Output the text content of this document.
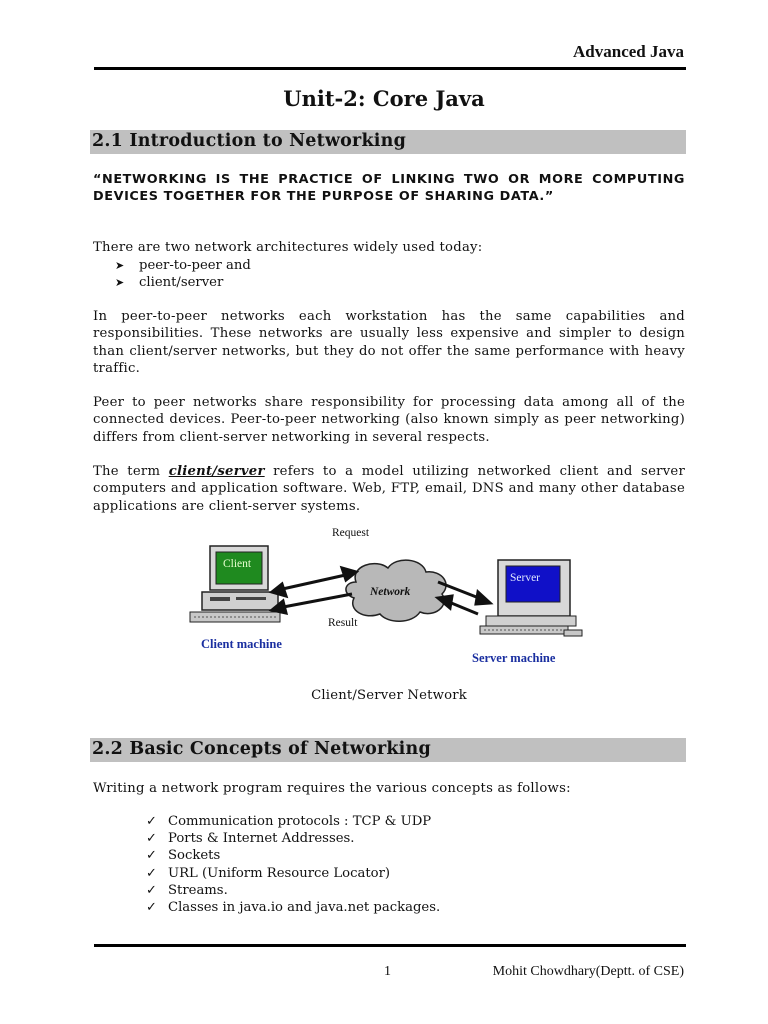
Advanced Java
Unit-2: Core Java
2.1 Introduction to Networking
“NETWORKING IS THE PRACTICE OF LINKING TWO OR MORE COMPUTING DEVICES TOGETHER FOR THE PURPOSE OF SHARING DATA.”
There are two network architectures widely used today:
➤	peer-to-peer and
➤	client/server
In peer-to-peer networks each workstation has the same capabilities and responsibilities. These networks are usually less expensive and simpler to design than client/server networks, but they do not offer the same performance with heavy traffic.
Peer to peer networks share responsibility for processing data among all of the connected devices. Peer-to-peer networking (also known simply as peer networking) differs from client-server networking in several respects.
The term client/server refers to a model utilizing networked client and server computers and application software. Web, FTP, email, DNS and many other database applications are client-server systems.
Request
Result
Network
Client
Server
Client machine
Server machine
Client/Server Network
2.2 Basic Concepts of Networking
Writing a network program requires the various concepts as follows:
✓ Communication protocols : TCP & UDP
✓ Ports & Internet Addresses.
✓ Sockets
✓ URL (Uniform Resource Locator)
✓ Streams.
✓ Classes in java.io and java.net packages.
1	Mohit Chowdhary(Deptt. of CSE)
